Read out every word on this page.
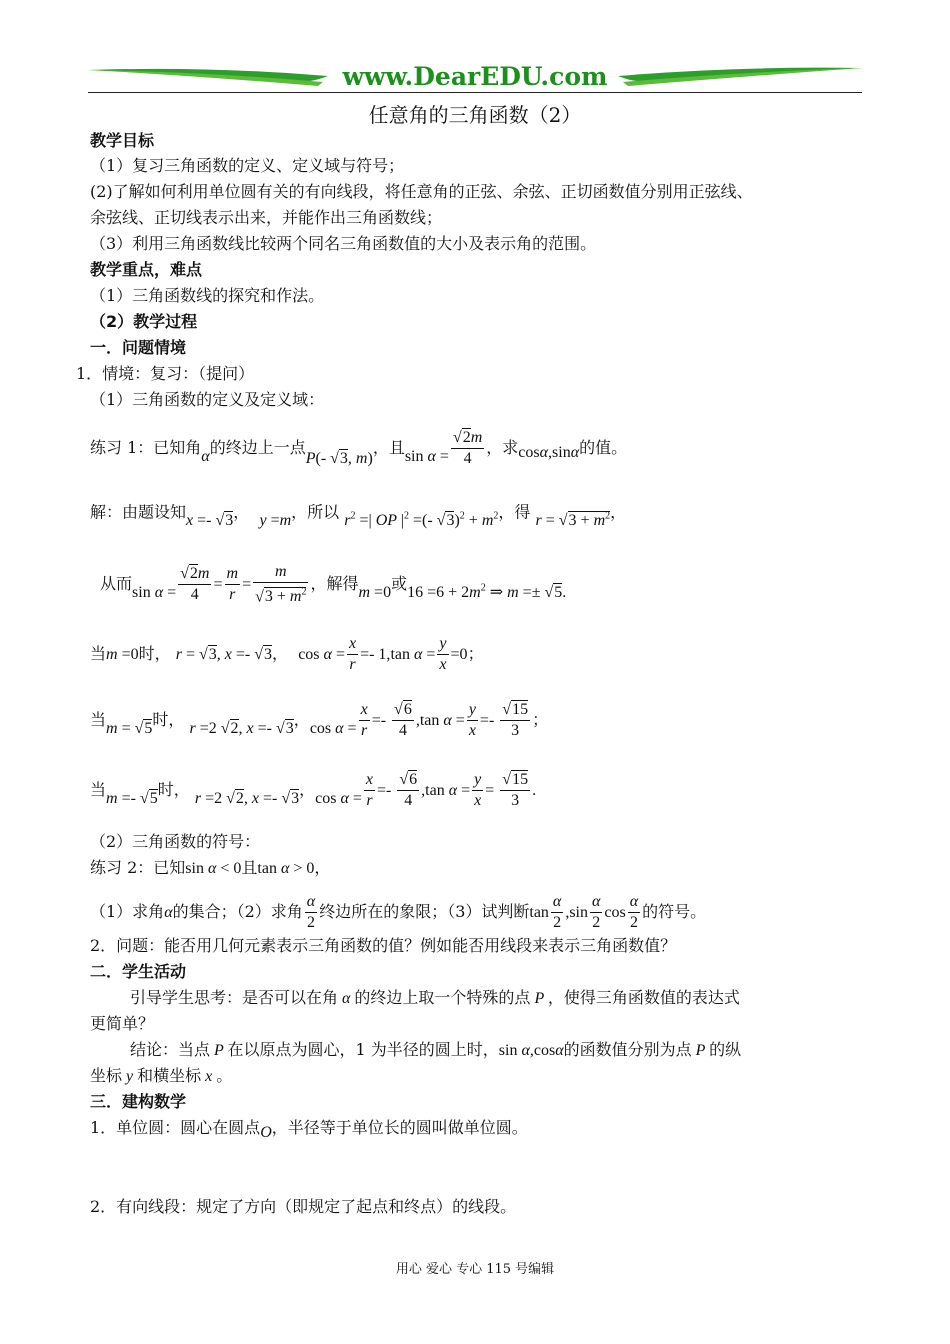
www.DearEDU.com
任意角的三角函数（2）
教学目标
（1）复习三角函数的定义、定义域与符号；
(2)了解如何利用单位圆有关的有向线段，将任意角的正弦、余弦、正切函数值分别用正弦线、
余弦线、正切线表示出来，并能作出三角函数线；
（3）利用三角函数线比较两个同名三角函数值的大小及表示角的范围。
教学重点，难点
（1）三角函数线的探究和作法。
（2）教学过程
一．问题情境
1．情境：复习：（提问）
（1）三角函数的定义及定义域：
练习 1：已知角α的终边上一点P(- √3, m)，且$\sin \alpha = \frac{√2m}{4}$ ，求cosα,sinα的值。
解：由题设知x =- √3， y =m，所以 $r^2$ =| OP $|^2$ =(- $√3)^2 + m^2$，得 $r = √3 + m^2$，
从而$\sin \alpha = \frac{√2m}{4} = \frac{m}{r} = \frac{m}{√3 + m^2}$ ，解得m =0或$16 =6 + 2m^2$ ⇒ m =± √5.
当m =0时， r = √3, x =- √3， $\cos \alpha = \frac{x}{r} =- 1,\tan$ $\alpha = \frac{y}{x} =0$；
当m = √5时， r =2 √2, x =- √3，$\cos \alpha = \frac{x}{r} =- \frac{√6}{4} ,\tan$ $\alpha = \frac{y}{x} =- \frac{√15}{3}$ ；
当m =- √5时， r =2 √2, x =- √3，$\cos \alpha = \frac{x}{r} =- \frac{√6}{4} ,\tan$ $\alpha = \frac{y}{x} = \frac{√15}{3}$ .
（2）三角函数的符号：
练习 2：已知sin α < 0且tan α > 0，
（1）求角α的集合；（2）求角 $\frac{\alpha}{2}$ 终边所在的象限；（3）试判断$\tan \frac{\alpha}{2} ,\sin \frac{\alpha}{2}$ $\cos \frac{\alpha}{2}$ 的符号。
2．问题：能否用几何元素表示三角函数的值？例如能否用线段来表示三角函数值？
二．学生活动
引导学生思考：是否可以在角 α 的终边上取一个特殊的点 P ，使得三角函数值的表达式
更简单？
结论：当点 P 在以原点为圆心，1 为半径的圆上时，sin α,cosα的函数值分别为点 P 的纵
坐标 y 和横坐标 x 。
三．建构数学
1．单位圆：圆心在圆点O，半径等于单位长的圆叫做单位圆。
2．有向线段：规定了方向（即规定了起点和终点）的线段。
用心 爱心 专心 115 号编辑
